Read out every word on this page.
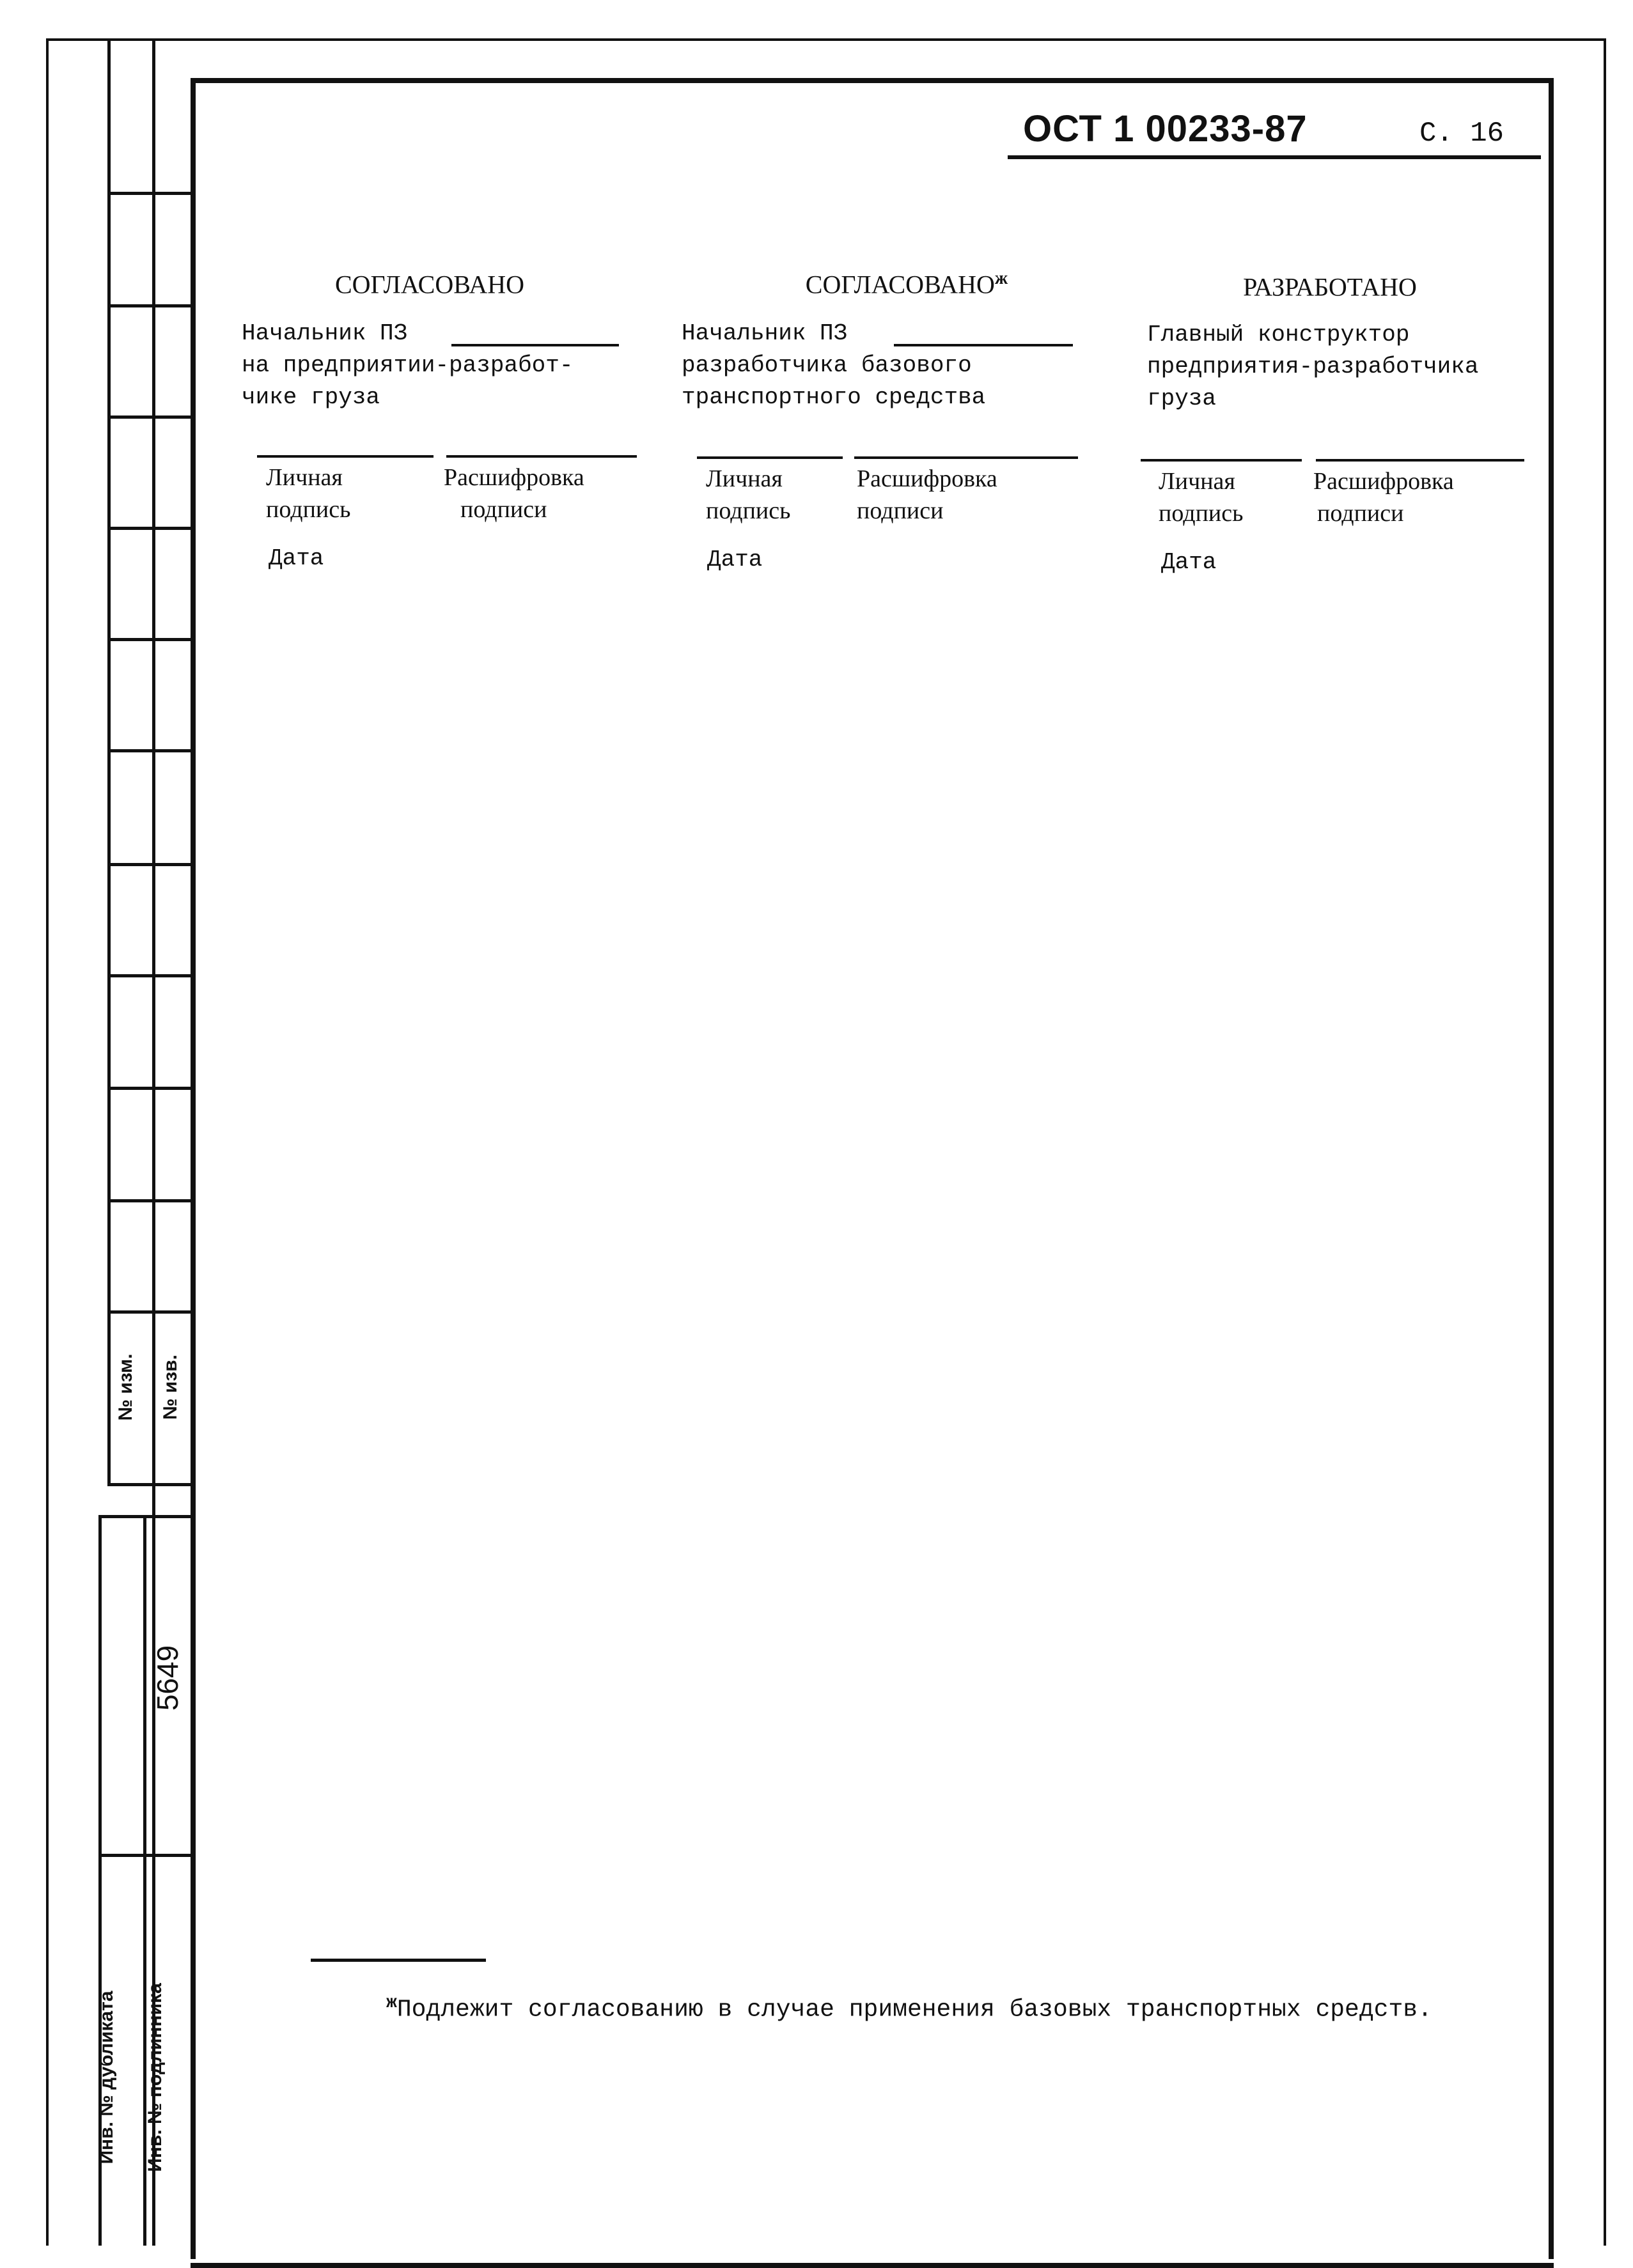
№ изм. № изв.
Инв. № дубликата Инв. № подлинника
5649
ОСТ 1 00233-87	С. 16
СОГЛАСОВАНО
Начальник ПЗ
на предприятии-разработ-
чике груза
Личная
подпись
Расшифровка
подписи
Дата
$СОГЛАСОВАНО^ж$
Начальник ПЗ
разработчика базового
транспортного средства
Личная
подпись
Расшифровка
подписи
Дата
РАЗРАБОТАНО
Главный конструктор
предприятия-разработчика
груза
Личная
подпись
Расшифровка
подписи
Дата
$^ж$Подлежит согласованию в случае применения базовых транспортных средств.
